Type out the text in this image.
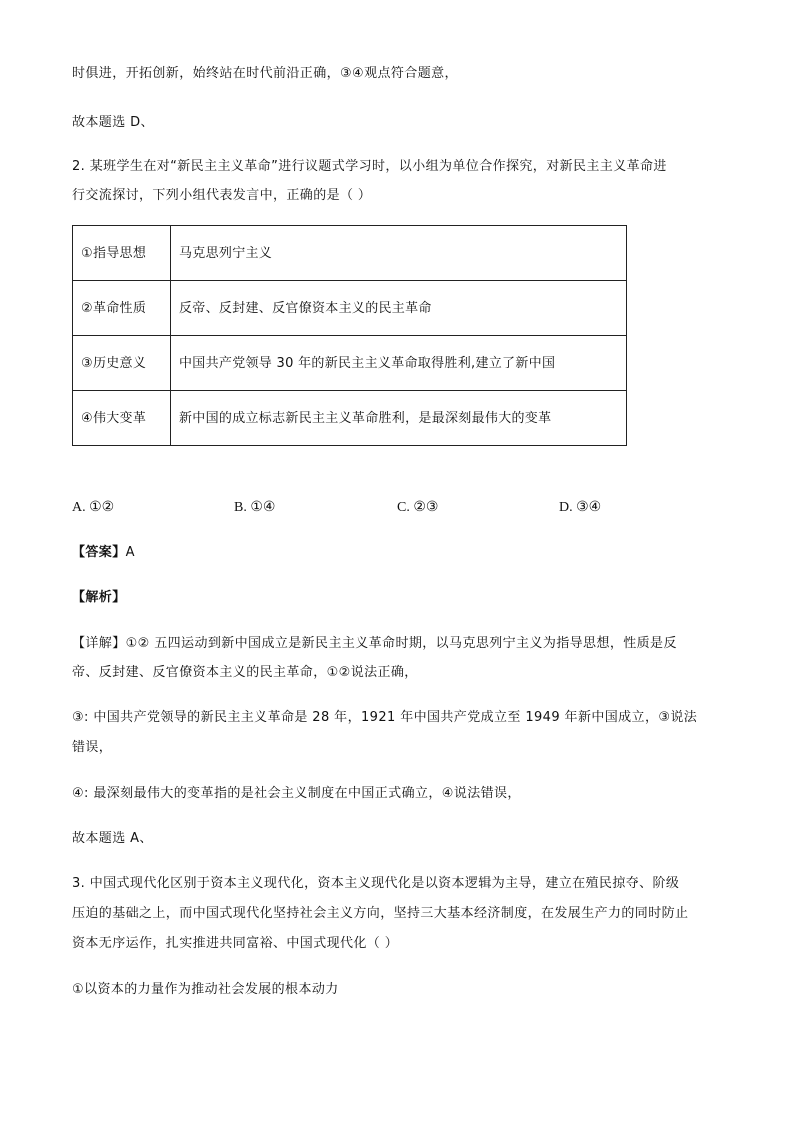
时俱进，开拓创新，始终站在时代前沿正确，③④观点符合题意，
故本题选 D、
2. 某班学生在对“新民主主义革命”进行议题式学习时，以小组为单位合作探究，对新民主主义革命进
行交流探讨，下列小组代表发言中，正确的是（ ）
①指导思想	马克思列宁主义
②革命性质	反帝、反封建、反官僚资本主义的民主革命
③历史意义	中国共产党领导 30 年的新民主主义革命取得胜利,建立了新中国
④伟大变革	新中国的成立标志新民主主义革命胜利，是最深刻最伟大的变革
A. ①②	B. ①④	C. ②③	D. ③④
【答案】A
【解析】
【详解】①② 五四运动到新中国成立是新民主主义革命时期，以马克思列宁主义为指导思想，性质是反
帝、反封建、反官僚资本主义的民主革命，①②说法正确，
③: 中国共产党领导的新民主主义革命是 28 年，1921 年中国共产党成立至 1949 年新中国成立，③说法
错误，
④: 最深刻最伟大的变革指的是社会主义制度在中国正式确立，④说法错误，
故本题选 A、
3. 中国式现代化区别于资本主义现代化，资本主义现代化是以资本逻辑为主导，建立在殖民掠夺、阶级
压迫的基础之上，而中国式现代化坚持社会主义方向，坚持三大基本经济制度，在发展生产力的同时防止
资本无序运作，扎实推进共同富裕、中国式现代化（ ）
①以资本的力量作为推动社会发展的根本动力
